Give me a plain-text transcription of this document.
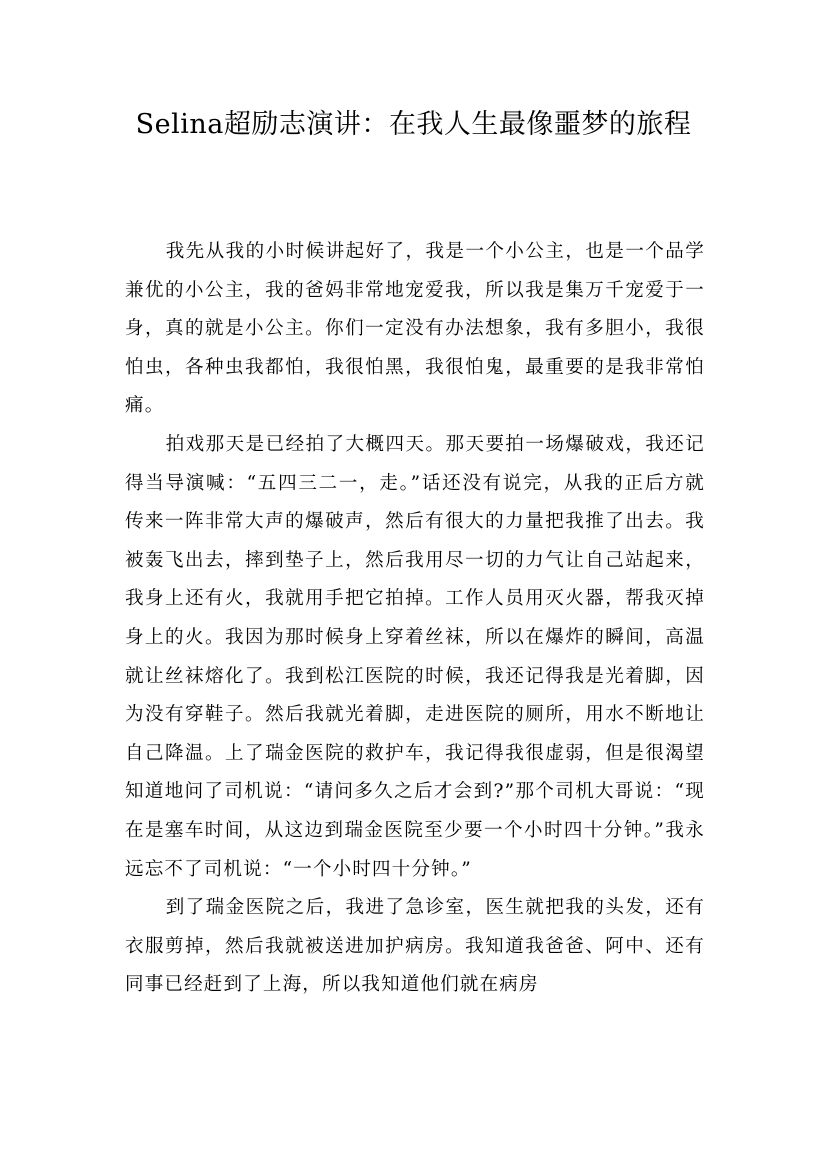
Selina超励志演讲：在我人生最像噩梦的旅程

我先从我的小时候讲起好了，我是一个小公主，也是一个品学兼优的小公主，我的爸妈非常地宠爱我，所以我是集万千宠爱于一身，真的就是小公主。你们一定没有办法想象，我有多胆小，我很怕虫，各种虫我都怕，我很怕黑，我很怕鬼，最重要的是我非常怕痛。

拍戏那天是已经拍了大概四天。那天要拍一场爆破戏，我还记得当导演喊：“五四三二一，走。”话还没有说完，从我的正后方就传来一阵非常大声的爆破声，然后有很大的力量把我推了出去。我被轰飞出去，摔到垫子上，然后我用尽一切的力气让自己站起来，我身上还有火，我就用手把它拍掉。工作人员用灭火器，帮我灭掉身上的火。我因为那时候身上穿着丝袜，所以在爆炸的瞬间，高温就让丝袜熔化了。我到松江医院的时候，我还记得我是光着脚，因为没有穿鞋子。然后我就光着脚，走进医院的厕所，用水不断地让自己降温。上了瑞金医院的救护车，我记得我很虚弱，但是很渴望知道地问了司机说：“请问多久之后才会到?”那个司机大哥说：“现在是塞车时间，从这边到瑞金医院至少要一个小时四十分钟。”我永远忘不了司机说：“一个小时四十分钟。”

到了瑞金医院之后，我进了急诊室，医生就把我的头发，还有衣服剪掉，然后我就被送进加护病房。我知道我爸爸、阿中、还有同事已经赶到了上海，所以我知道他们就在病房
